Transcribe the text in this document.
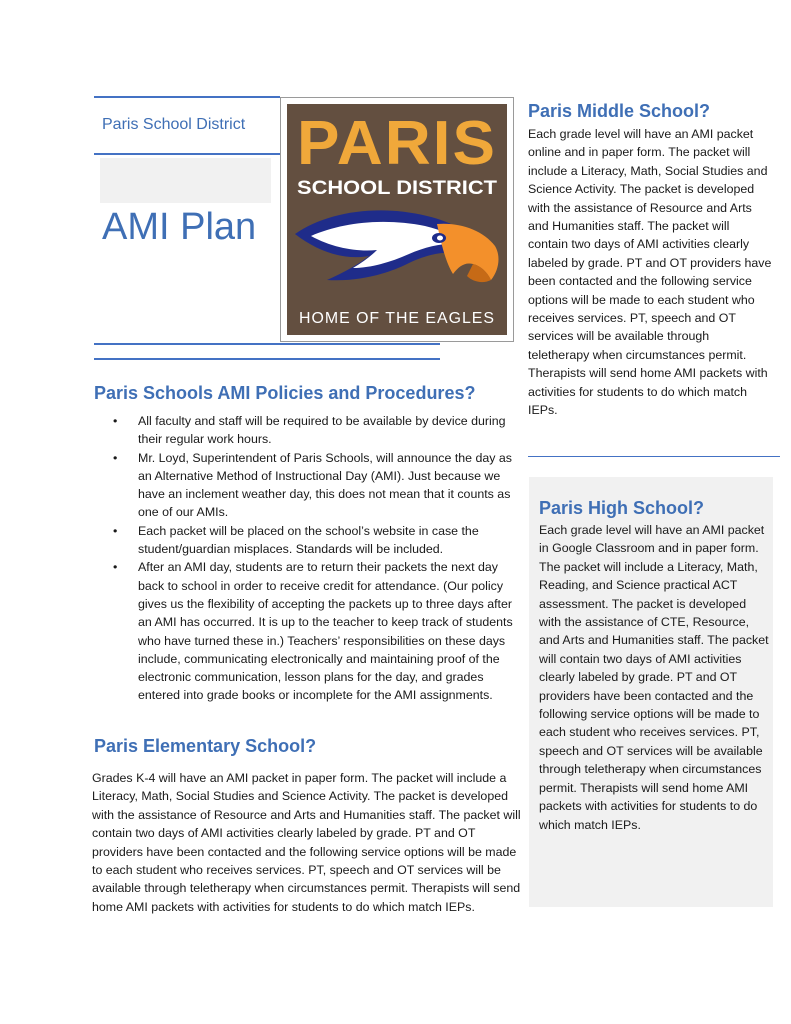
Paris School District
AMI Plan
PARIS
SCHOOL DISTRICT
HOME OF THE EAGLES
Paris Schools AMI Policies and Procedures?
• All faculty and staff will be required to be available by device during their regular work hours.
• Mr. Loyd, Superintendent of Paris Schools, will announce the day as an Alternative Method of Instructional Day (AMI). Just because we have an inclement weather day, this does not mean that it counts as one of our AMIs.
• Each packet will be placed on the school’s website in case the student/guardian misplaces. Standards will be included.
• After an AMI day, students are to return their packets the next day back to school in order to receive credit for attendance. (Our policy gives us the flexibility of accepting the packets up to three days after an AMI has occurred. It is up to the teacher to keep track of students who have turned these in.) Teachers’ responsibilities on these days include, communicating electronically and maintaining proof of the electronic communication, lesson plans for the day, and grades entered into grade books or incomplete for the AMI assignments.
Paris Elementary School?

Grades K-4 will have an AMI packet in paper form. The packet will include a Literacy, Math, Social Studies and Science Activity. The packet is developed with the assistance of Resource and Arts and Humanities staff. The packet will contain two days of AMI activities clearly labeled by grade. PT and OT providers have been contacted and the following service options will be made to each student who receives services. PT, speech and OT services will be available through teletherapy when circumstances permit. Therapists will send home AMI packets with activities for students to do which match IEPs.

Paris Middle School?

Each grade level will have an AMI packet online and in paper form. The packet will include a Literacy, Math, Social Studies and Science Activity. The packet is developed with the assistance of Resource and Arts and Humanities staff. The packet will contain two days of AMI activities clearly labeled by grade. PT and OT providers have been contacted and the following service options will be made to each student who receives services. PT, speech and OT services will be available through teletherapy when circumstances permit. Therapists will send home AMI packets with activities for students to do which match IEPs.

Paris High School?

Each grade level will have an AMI packet in Google Classroom and in paper form. The packet will include a Literacy, Math, Reading, and Science practical ACT assessment. The packet is developed with the assistance of CTE, Resource, and Arts and Humanities staff. The packet will contain two days of AMI activities clearly labeled by grade. PT and OT providers have been contacted and the following service options will be made to each student who receives services. PT, speech and OT services will be available through teletherapy when circumstances permit. Therapists will send home AMI packets with activities for students to do which match IEPs.
